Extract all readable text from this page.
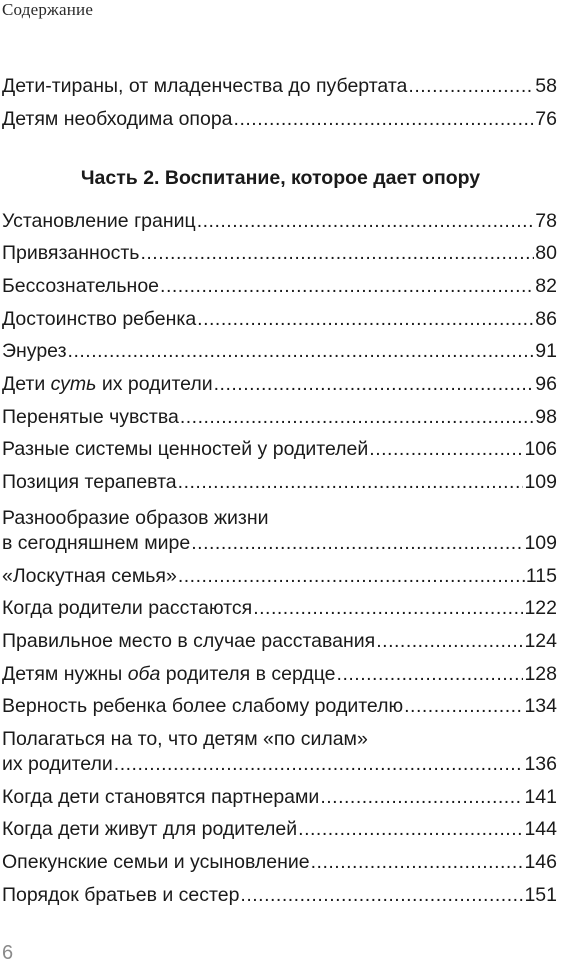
Содержание
Дети-тираны, от младенчества до пубертата .....	58
Детям необходима опора .....	76
Часть 2. Воспитание, которое дает опору
Установление границ .....	78
Привязанность .....	80
Бессознательное .....	82
Достоинство ребенка .....	86
Энурез .....	91
Дети суть их родители .....	96
Перенятые чувства .....	98
Разные системы ценностей у родителей .....	106
Позиция терапевта .....	109
Разнообразие образов жизни
в сегодняшнем мире .....	109
«Лоскутная семья» .....	115
Когда родители расстаются .....	122
Правильное место в случае расставания .....	124
Детям нужны оба родителя в сердце .....	128
Верность ребенка более слабому родителю .....	134
Полагаться на то, что детям «по силам»
их родители .....	136
Когда дети становятся партнерами .....	141
Когда дети живут для родителей .....	144
Опекунские семьи и усыновление .....	146
Порядок братьев и сестер .....	151
6
